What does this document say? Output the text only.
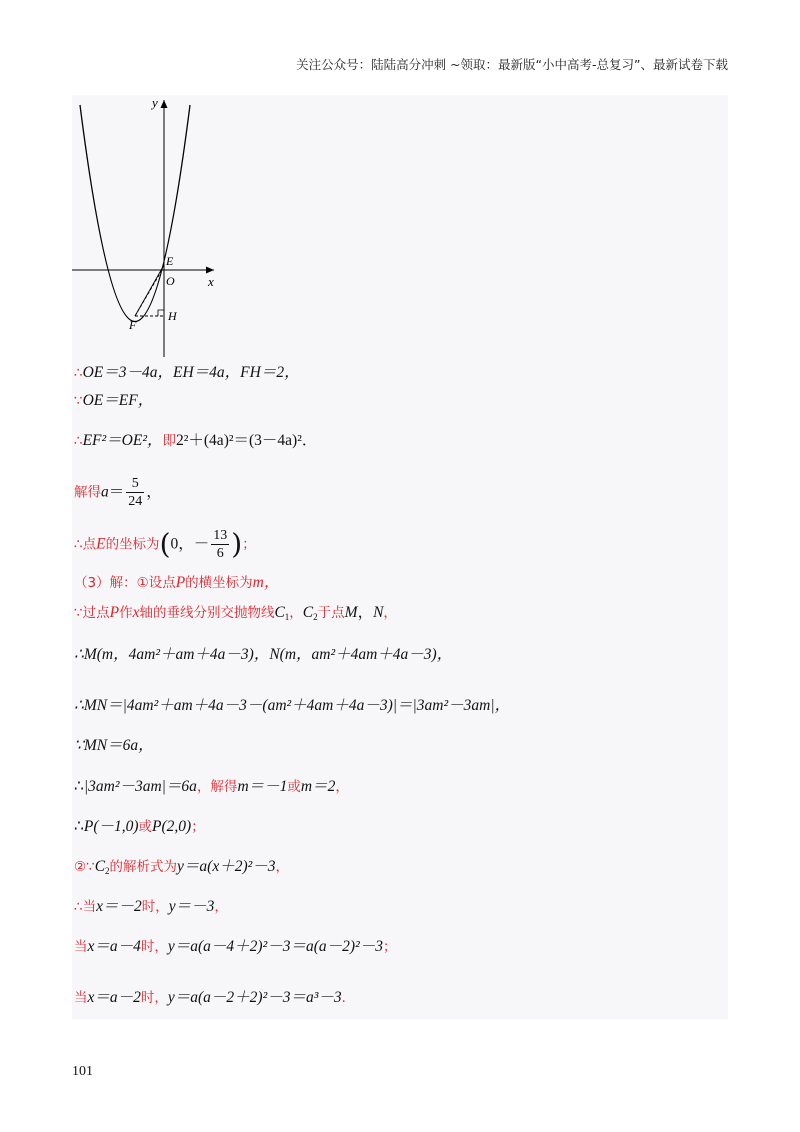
关注公众号：陆陆高分冲刺 ~领取：最新版“小中高考-总复习”、最新试卷下载
y
x
E
O
F
H
∴OE＝3－4a，EH＝4a，FH＝2，
∵OE＝EF，
∴EF²＝OE²，即2²＋(4a)²＝(3－4a)²．
解得$a= \frac{5}{24}$ ，
∴点E的坐标为(0，－ $\frac{13}{6}$ )；
（3）解：①设点P的横坐标为m，
∵过点P作x轴的垂线分别交抛物线$C_1$，$C_2$于点M，N，
∴M(m，4am²＋am＋4a－3)，N(m，am²＋4am＋4a－3)，
∴MN＝|4am²＋am＋4a－3－(am²＋4am＋4a－3)|＝|3am²－3am|，
∵MN＝6a，
∴|3am²－3am|＝6a，解得m＝－1或m＝2，
∴P(－1,0)或P(2,0)；
$②\because C_2$的解析式为y＝a(x＋2)²－3，
∴当x＝－2时，y＝－3，
当x＝a－4时，y＝a(a－4＋2)²－3＝a(a－2)²－3；
当x＝a－2时，y＝a(a－2＋2)²－3＝a³－3．
101
